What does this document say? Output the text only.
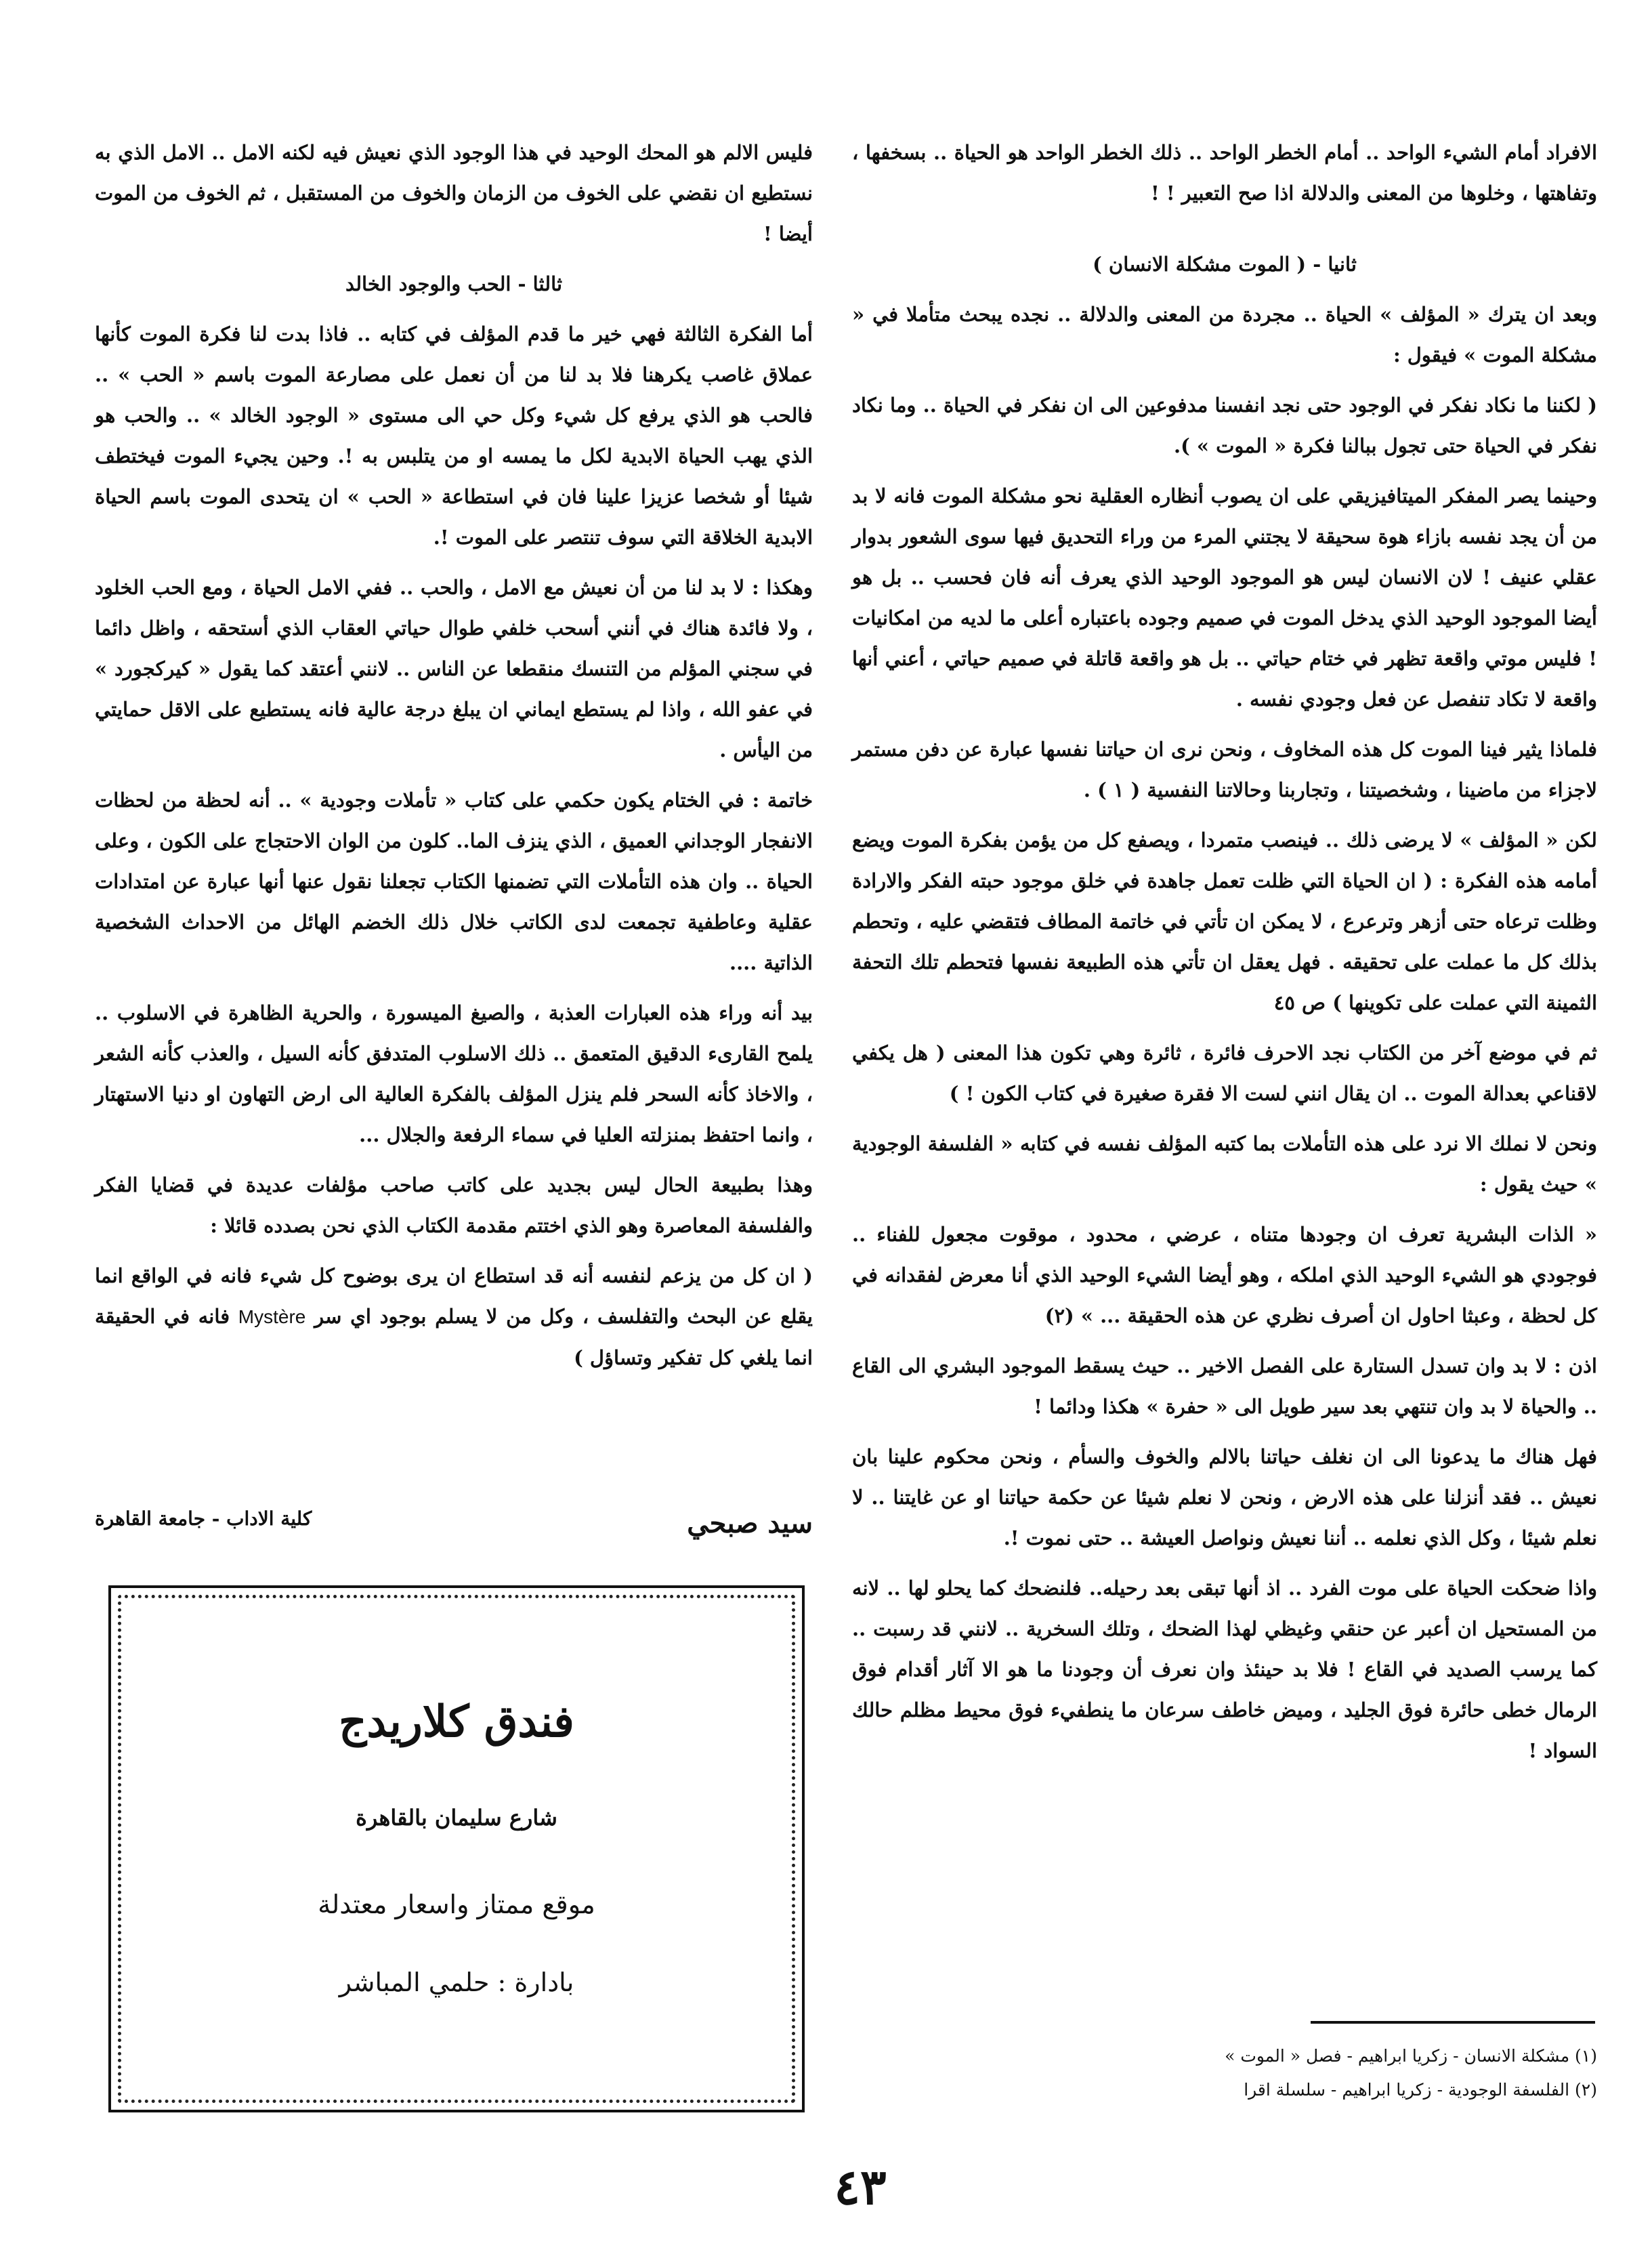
الافراد أمام الشيء الواحد .. أمام الخطر الواحد .. ذلك الخطر الواحد هو الحياة .. بسخفها ، وتفاهتها ، وخلوها من المعنى والدلالة اذا صح التعبير ! !

ثانيا - ( الموت مشكلة الانسان )

وبعد ان يترك « المؤلف » الحياة .. مجردة من المعنى والدلالة .. نجده يبحث متأملا في « مشكلة الموت » فيقول :

( لكننا ما نكاد نفكر في الوجود حتى نجد انفسنا مدفوعين الى ان نفكر في الحياة .. وما نكاد نفكر في الحياة حتى تجول ببالنا فكرة « الموت » ).

وحينما يصر المفكر الميتافيزيقي على ان يصوب أنظاره العقلية نحو مشكلة الموت فانه لا بد من أن يجد نفسه بازاء هوة سحيقة لا يجتني المرء من وراء التحديق فيها سوى الشعور بدوار عقلي عنيف ! لان الانسان ليس هو الموجود الوحيد الذي يعرف أنه فان فحسب .. بل هو أيضا الموجود الوحيد الذي يدخل الموت في صميم وجوده باعتباره أعلى ما لديه من امكانيات ! فليس موتي واقعة تظهر في ختام حياتي .. بل هو واقعة قاتلة في صميم حياتي ، أعني أنها واقعة لا تكاد تنفصل عن فعل وجودي نفسه .

فلماذا يثير فينا الموت كل هذه المخاوف ، ونحن نرى ان حياتنا نفسها عبارة عن دفن مستمر لاجزاء من ماضينا ، وشخصيتنا ، وتجاربنا وحالاتنا النفسية ( ١ ) .

لكن « المؤلف » لا يرضى ذلك .. فينصب متمردا ، ويصفع كل من يؤمن بفكرة الموت ويضع أمامه هذه الفكرة : ( ان الحياة التي ظلت تعمل جاهدة في خلق موجود حبته الفكر والارادة وظلت ترعاه حتى أزهر وترعرع ، لا يمكن ان تأتي في خاتمة المطاف فتقضي عليه ، وتحطم بذلك كل ما عملت على تحقيقه . فهل يعقل ان تأتي هذه الطبيعة نفسها فتحطم تلك التحفة الثمينة التي عملت على تكوينها ) ص ٤٥

ثم في موضع آخر من الكتاب نجد الاحرف فائرة ، ثائرة وهي تكون هذا المعنى ( هل يكفي لاقناعي بعدالة الموت .. ان يقال انني لست الا فقرة صغيرة في كتاب الكون ! )

ونحن لا نملك الا نرد على هذه التأملات بما كتبه المؤلف نفسه في كتابه « الفلسفة الوجودية » حيث يقول :

« الذات البشرية تعرف ان وجودها متناه ، عرضي ، محدود ، موقوت مجعول للفناء .. فوجودي هو الشيء الوحيد الذي املكه ، وهو أيضا الشيء الوحيد الذي أنا معرض لفقدانه في كل لحظة ، وعبثا احاول ان أصرف نظري عن هذه الحقيقة ... » (٢)

اذن : لا بد وان تسدل الستارة على الفصل الاخير .. حيث يسقط الموجود البشري الى القاع .. والحياة لا بد وان تنتهي بعد سير طويل الى « حفرة » هكذا ودائما !

فهل هناك ما يدعونا الى ان نغلف حياتنا بالالم والخوف والسأم ، ونحن محكوم علينا بان نعيش .. فقد أنزلنا على هذه الارض ، ونحن لا نعلم شيئا عن حكمة حياتنا او عن غايتنا .. لا نعلم شيئا ، وكل الذي نعلمه .. أننا نعيش ونواصل العيشة .. حتى نموت !.

واذا ضحكت الحياة على موت الفرد .. اذ أنها تبقى بعد رحيله.. فلنضحك كما يحلو لها .. لانه من المستحيل ان أعبر عن حنقي وغيظي لهذا الضحك ، وتلك السخرية .. لانني قد رسبت .. كما يرسب الصديد في القاع ! فلا بد حينئذ وان نعرف أن وجودنا ما هو الا آثار أقدام فوق الرمال خطى حائرة فوق الجليد ، وميض خاطف سرعان ما ينطفيء فوق محيط مظلم حالك السواد !

فليس الالم هو المحك الوحيد في هذا الوجود الذي نعيش فيه لكنه الامل .. الامل الذي به نستطيع ان نقضي على الخوف من الزمان والخوف من المستقبل ، ثم الخوف من الموت أيضا !

ثالثا - الحب والوجود الخالد

أما الفكرة الثالثة فهي خير ما قدم المؤلف في كتابه .. فاذا بدت لنا فكرة الموت كأنها عملاق غاصب يكرهنا فلا بد لنا من أن نعمل على مصارعة الموت باسم « الحب » .. فالحب هو الذي يرفع كل شيء وكل حي الى مستوى « الوجود الخالد » .. والحب هو الذي يهب الحياة الابدية لكل ما يمسه او من يتلبس به !. وحين يجيء الموت فيختطف شيئا أو شخصا عزيزا علينا فان في استطاعة « الحب » ان يتحدى الموت باسم الحياة الابدية الخلاقة التي سوف تنتصر على الموت !.

وهكذا : لا بد لنا من أن نعيش مع الامل ، والحب .. ففي الامل الحياة ، ومع الحب الخلود ، ولا فائدة هناك في أنني أسحب خلفي طوال حياتي العقاب الذي أستحقه ، واظل دائما في سجني المؤلم من التنسك منقطعا عن الناس .. لانني أعتقد كما يقول « كيركجورد » في عفو الله ، واذا لم يستطع ايماني ان يبلغ درجة عالية فانه يستطيع على الاقل حمايتي من اليأس .

خاتمة : في الختام يكون حكمي على كتاب « تأملات وجودية » .. أنه لحظة من لحظات الانفجار الوجداني العميق ، الذي ينزف الما.. كلون من الوان الاحتجاج على الكون ، وعلى الحياة .. وان هذه التأملات التي تضمنها الكتاب تجعلنا نقول عنها أنها عبارة عن امتدادات عقلية وعاطفية تجمعت لدى الكاتب خلال ذلك الخضم الهائل من الاحداث الشخصية الذاتية ....

بيد أنه وراء هذه العبارات العذبة ، والصيغ الميسورة ، والحرية الظاهرة في الاسلوب .. يلمح القارىء الدقيق المتعمق .. ذلك الاسلوب المتدفق كأنه السيل ، والعذب كأنه الشعر ، والاخاذ كأنه السحر فلم ينزل المؤلف بالفكرة العالية الى ارض التهاون او دنيا الاستهتار ، وانما احتفظ بمنزلته العليا في سماء الرفعة والجلال ...

وهذا بطبيعة الحال ليس بجديد على كاتب صاحب مؤلفات عديدة في قضايا الفكر والفلسفة المعاصرة وهو الذي اختتم مقدمة الكتاب الذي نحن بصدده قائلا :

( ان كل من يزعم لنفسه أنه قد استطاع ان يرى بوضوح كل شيء فانه في الواقع انما يقلع عن البحث والتفلسف ، وكل من لا يسلم بوجود اي سر Mystère فانه في الحقيقة انما يلغي كل تفكير وتساؤل )

سيد صبحي
كلية الاداب - جامعة القاهرة
فندق كلاريدج
شارع سليمان بالقاهرة
موقع ممتاز واسعار معتدلة
بادارة : حلمي المباشر
(١) مشكلة الانسان - زكريا ابراهيم - فصل « الموت »
(٢) الفلسفة الوجودية - زكريا ابراهيم - سلسلة اقرا
٤٣
